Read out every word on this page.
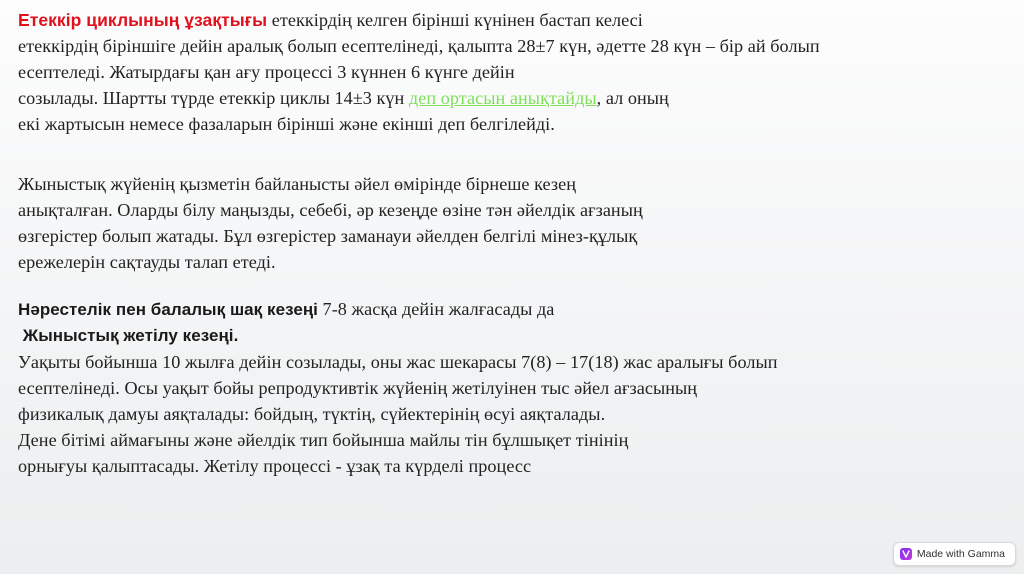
Етеккір циклының ұзақтығы етеккірдің келген бірінші күнінен бастап келесі
етеккірдің біріншіге дейін аралық болып есептелінеді, қалыпта 28±7 күн, әдетте 28 күн – бір ай болып
есептеледі. Жатырдағы қан ағу процессі 3 күннен 6 күнге дейін
созылады. Шартты түрде етеккір циклы 14±3 күн деп ортасын анықтайды, ал оның
екі жартысын немесе фазаларын бірінші және екінші деп белгілейді.
Жыныстық жүйенің қызметін байланысты әйел өмірінде бірнеше кезең
анықталған. Оларды білу маңызды, себебі, әр кезеңде өзіне тән әйелдік ағзаның
өзгерістер болып жатады. Бұл өзгерістер заманауи әйелден белгілі мінез-құлық
ережелерін сақтауды талап етеді.
Нәрестелік пен балалық шақ кезеңі 7-8 жасқа дейін жалғасады да
Жыныстық жетілу кезеңі.
Уақыты бойынша 10 жылға дейін созылады, оны жас шекарасы 7(8) – 17(18) жас аралығы болып
есептелінеді. Осы уақыт бойы репродуктивтік жүйенің жетілуінен тыс әйел ағзасының
физикалық дамуы аяқталады: бойдың, түктің, сүйектерінің өсуі аяқталады.
Дене бітімі аймағыны және әйелдік тип бойынша майлы тін бұлшықет тінінің
орнығуы қалыптасады. Жетілу процессі - ұзақ та күрделі процесс
Made with Gamma
